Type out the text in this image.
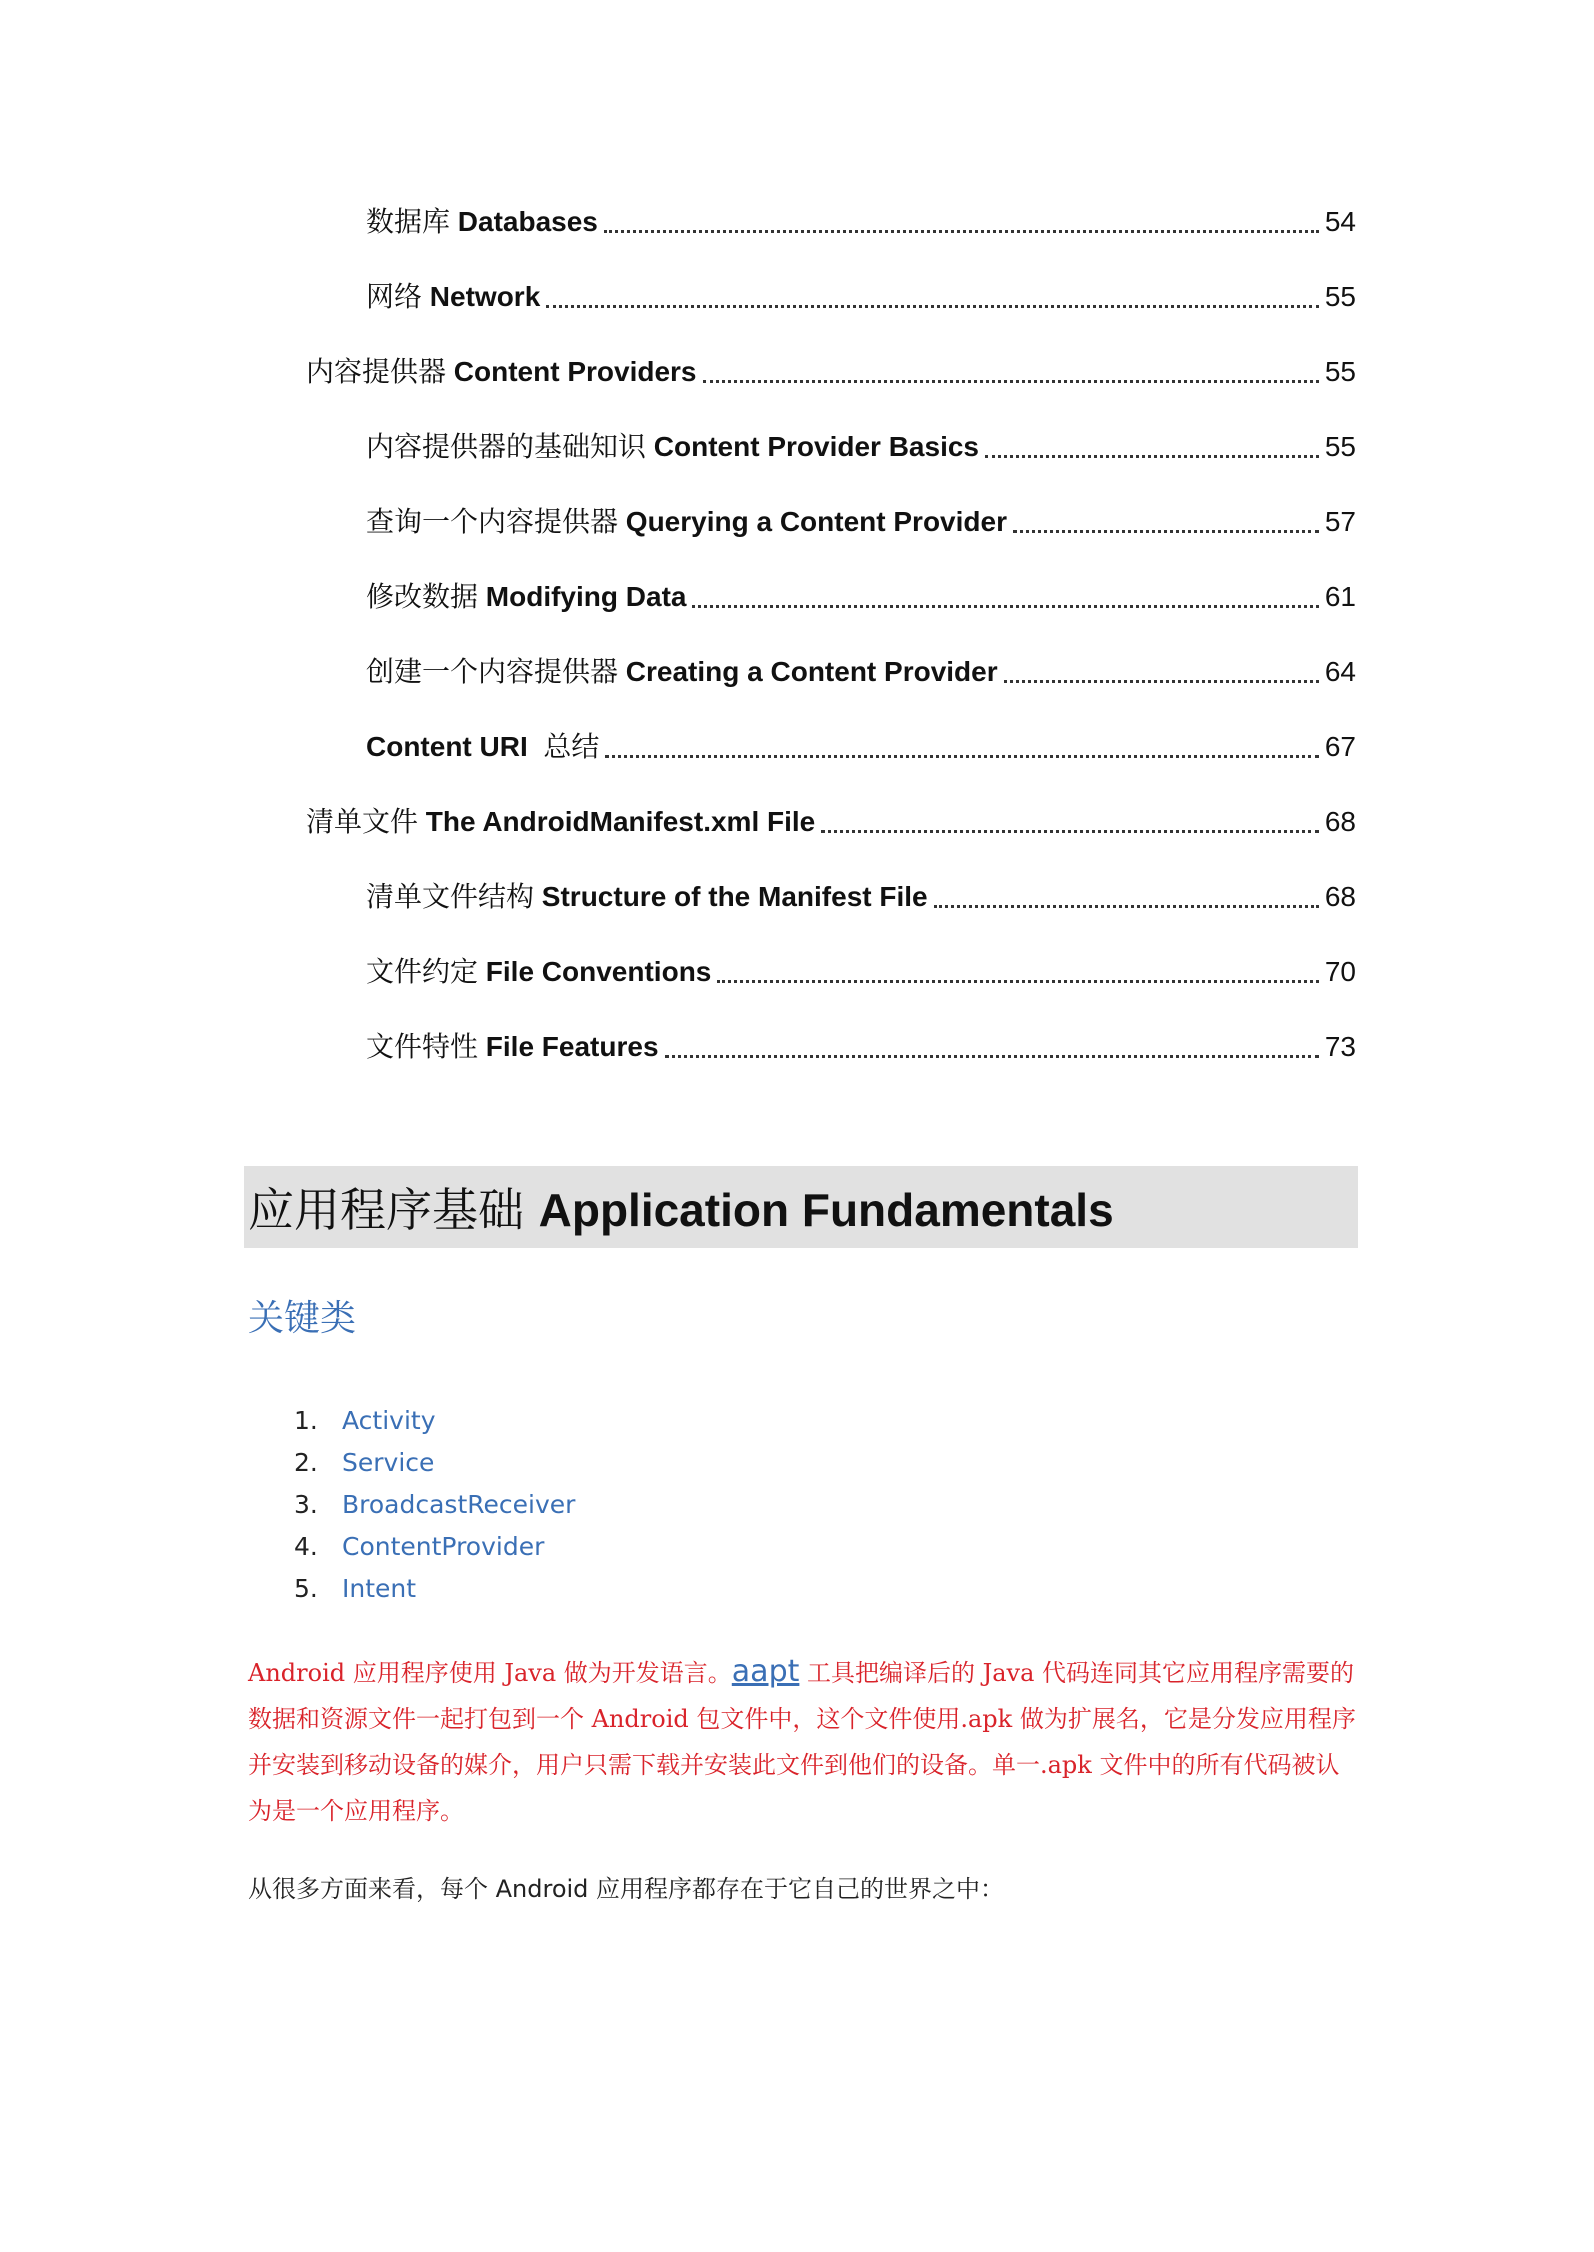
数据库 Databases	54
网络 Network	55
内容提供器 Content Providers	55
内容提供器的基础知识 Content Provider Basics	55
查询一个内容提供器 Querying a Content Provider	57
修改数据 Modifying Data	61
创建一个内容提供器 Creating a Content Provider	64
Content URI 总结	67
清单文件 The AndroidManifest.xml File	68
清单文件结构 Structure of the Manifest File	68
文件约定 File Conventions	70
文件特性 File Features	73
应用程序基础 Application Fundamentals
关键类
1. Activity
2. Service
3. BroadcastReceiver
4. ContentProvider
5. Intent

Android 应用程序使用 Java 做为开发语言。aapt 工具把编译后的 Java 代码连同其它应用程序需要的数据和资源文件一起打包到一个 Android 包文件中，这个文件使用.apk 做为扩展名，它是分发应用程序并安装到移动设备的媒介，用户只需下载并安装此文件到他们的设备。单一.apk 文件中的所有代码被认为是一个应用程序。

从很多方面来看，每个 Android 应用程序都存在于它自己的世界之中：
